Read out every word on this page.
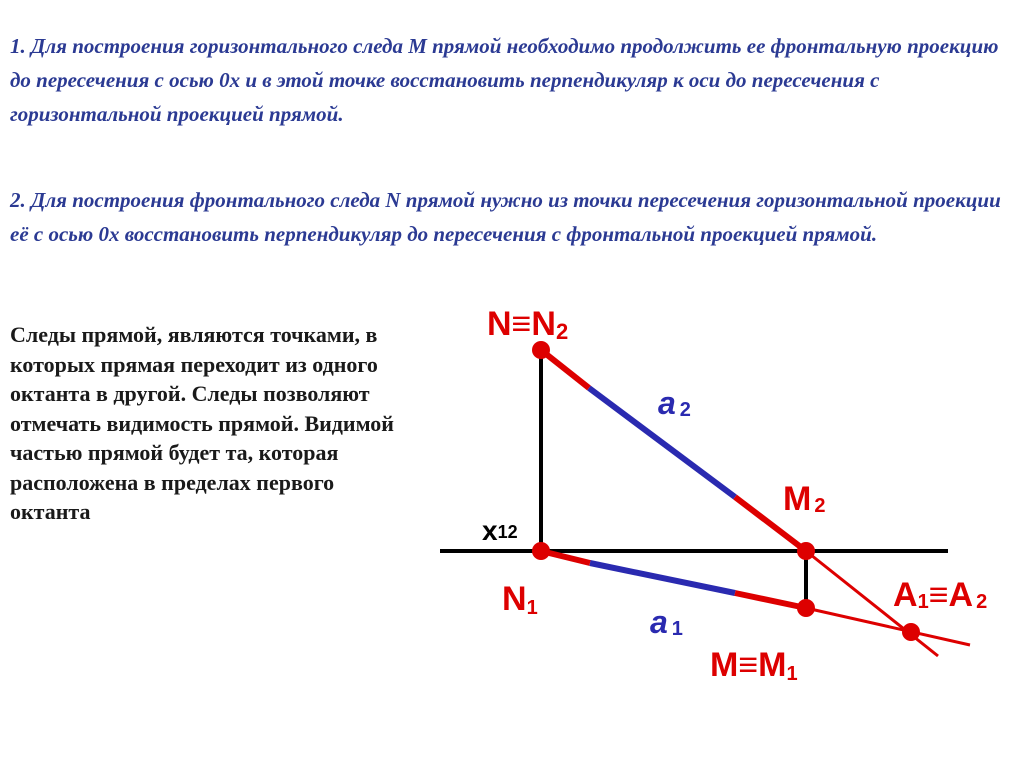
1. Для построения горизонтального следа M прямой необходимо продолжить ее фронтальную проекцию до пересечения с осью 0x и в этой точке восстановить перпендикуляр к оси до пересечения с горизонтальной проекцией прямой.

2. Для построения фронтального следа N прямой нужно из точки пересечения горизонтальной проекции её с осью 0x восстановить перпендикуляр до пересечения с фронтальной проекцией прямой.

Следы прямой, являются точками, в которых прямая переходит из одного октанта в другой. Следы позволяют отмечать видимость прямой. Видимой частью прямой будет та, которая расположена в пределах первого октанта

N≡N2
a 2
M 2
x12
N1	a 1
M≡M1
A1≡A 2
